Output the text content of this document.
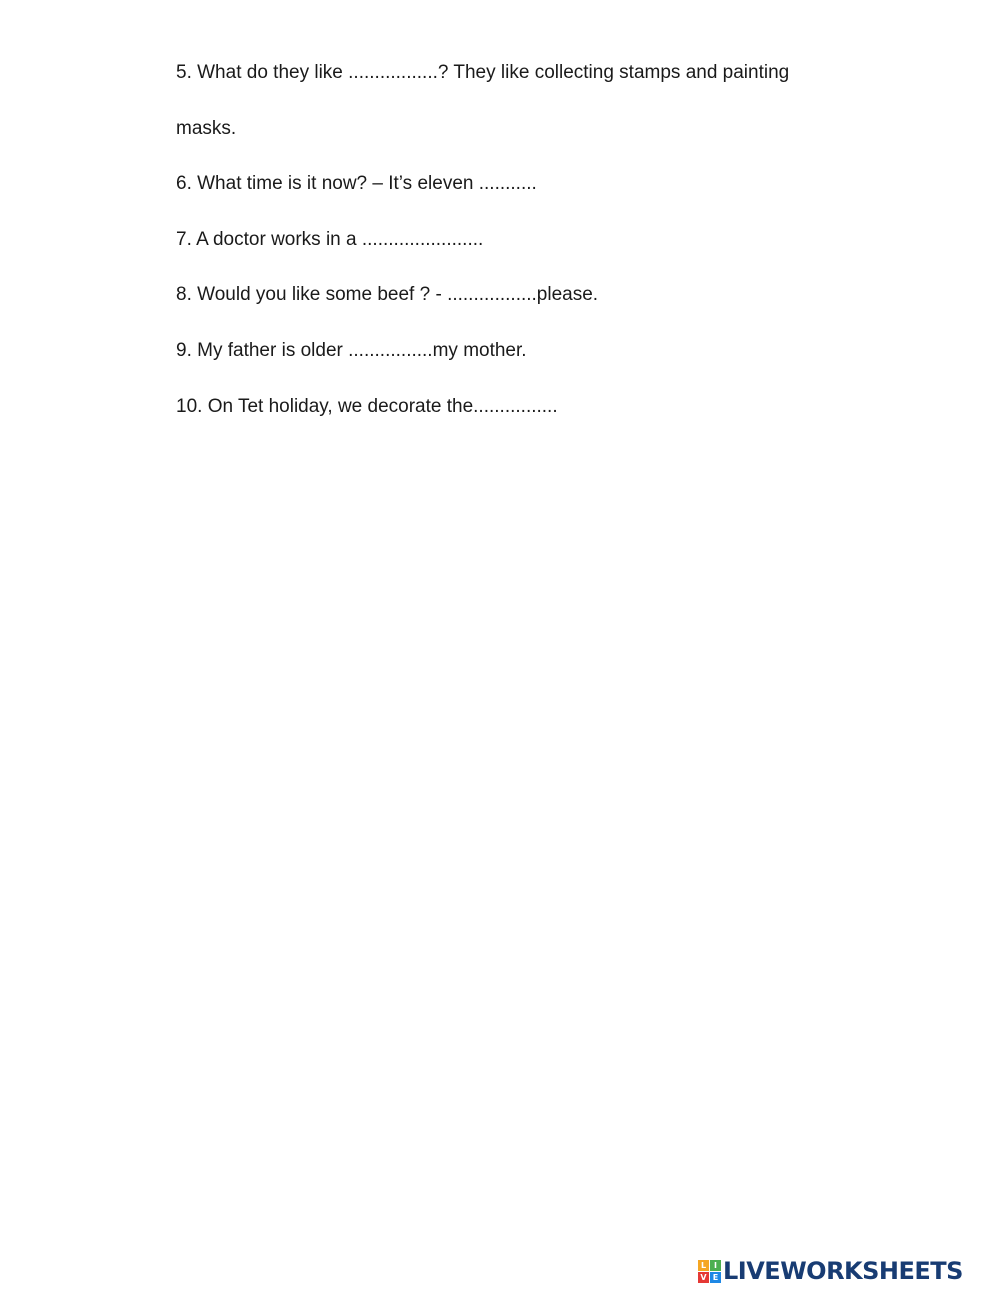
5. What do they like .................? They like collecting stamps and painting
masks.
6. What time is it now? – It’s eleven ...........
7. A doctor works in a .......................
8. Would you like some beef ? - .................please.
9. My father is older ................my mother.
10. On Tet holiday, we decorate the................
L I
V E LIVEWORKSHEETS
